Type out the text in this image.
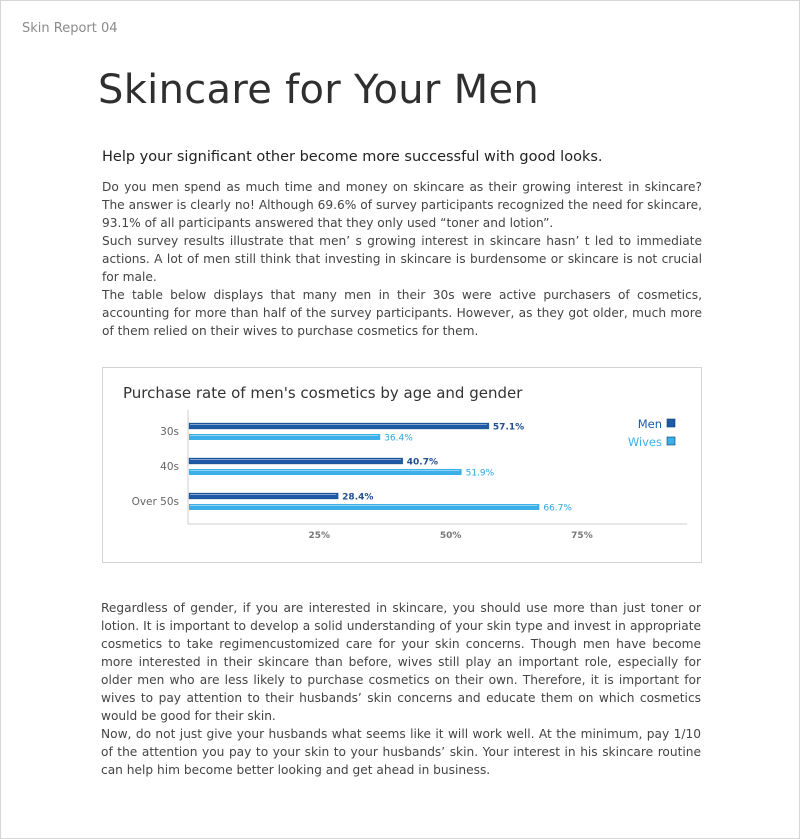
Skin Report 04
Skincare for Your Men
Help your significant other become more successful with good looks.

Do you men spend as much time and money on skincare as their growing interest in skincare? The answer is clearly no! Although 69.6% of survey participants recognized the need for skincare, 93.1% of all participants answered that they only used “toner and lotion”.

Such survey results illustrate that men’ s growing interest in skincare hasn’ t led to immediate actions. A lot of men still think that investing in skincare is burdensome or skincare is not crucial for male.

The table below displays that many men in their 30s were active purchasers of cosmetics, accounting for more than half of the survey participants. However, as they got older, much more of them relied on their wives to purchase cosmetics for them.

Purchase rate of men's cosmetics by age and gender
25%	50%	75%
30s	57.1%
36.4%
40s	40.7%
51.9%
Over 50s	28.4%
66.7%
Men
Wives

Regardless of gender, if you are interested in skincare, you should use more than just toner or lotion. It is important to develop a solid understanding of your skin type and invest in appropriate cosmetics to take regimencustomized care for your skin concerns. Though men have become more interested in their skincare than before, wives still play an important role, especially for older men who are less likely to purchase cosmetics on their own. Therefore, it is important for wives to pay attention to their husbands’ skin concerns and educate them on which cosmetics would be good for their skin.

Now, do not just give your husbands what seems like it will work well. At the minimum, pay 1/10 of the attention you pay to your skin to your husbands’ skin. Your interest in his skincare routine can help him become better looking and get ahead in business.
